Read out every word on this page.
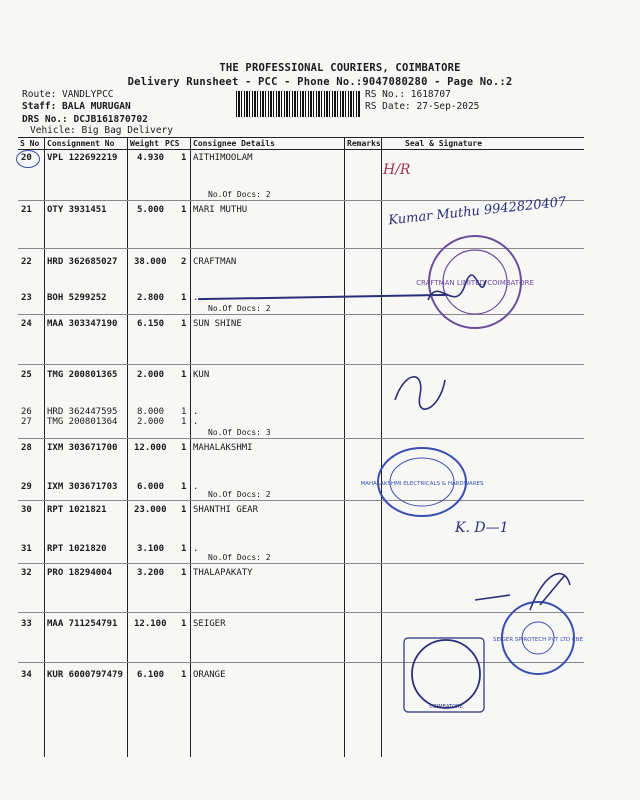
THE PROFESSIONAL COURIERS, COIMBATORE
Delivery Runsheet - PCC - Phone No.:9047080280 - Page No.:2
Route: VANDLYPCC
Staff: BALA MURUGAN
DRS No.: DCJB161870702
Vehicle: Big Bag Delivery
RS No.: 1618707
RS Date: 27-Sep-2025
S No Consignment No Weight PCS Consignee Details	Remarks	Seal & Signature
20 VPL 122692219 4.930 1 AITHIMOOLAM
No.Of Docs: 2
21 OTY 3931451	5.000 1 MARI MUTHU
22 HRD 362685027 38.000 2 CRAFTMAN
23 BOH 5299252	2.800 1 .
No.Of Docs: 2
24 MAA 303347190 6.150 1 SUN SHINE
25 TMG 200801365 2.000 1 KUN
26 HRD 362447595 8.000 1 .
27 TMG 200801364 2.000 1 .
No.Of Docs: 3
28 IXM 303671700 12.000 1 MAHALAKSHMI
29 IXM 303671703 6.000 1 .
No.Of Docs: 2
30 RPT 1021821	23.000 1 SHANTHI GEAR
31 RPT 1021820	3.100 1 .
No.Of Docs: 2
32 PRO 18294004	3.200 1 THALAPAKATY
33 MAA 711254791 12.100 1 SEIGER
34 KUR 6000797479 6.100 1 ORANGE
H/R
Kumar Muthu 9942820407
K. D—1
CRAFTMAN LIMITED COIMBATORE
MAHALAKSHMI ELECTRICALS & HARDWARES
SEIGER SPIROTECH PVT LTD CBE
COIMBATORE
